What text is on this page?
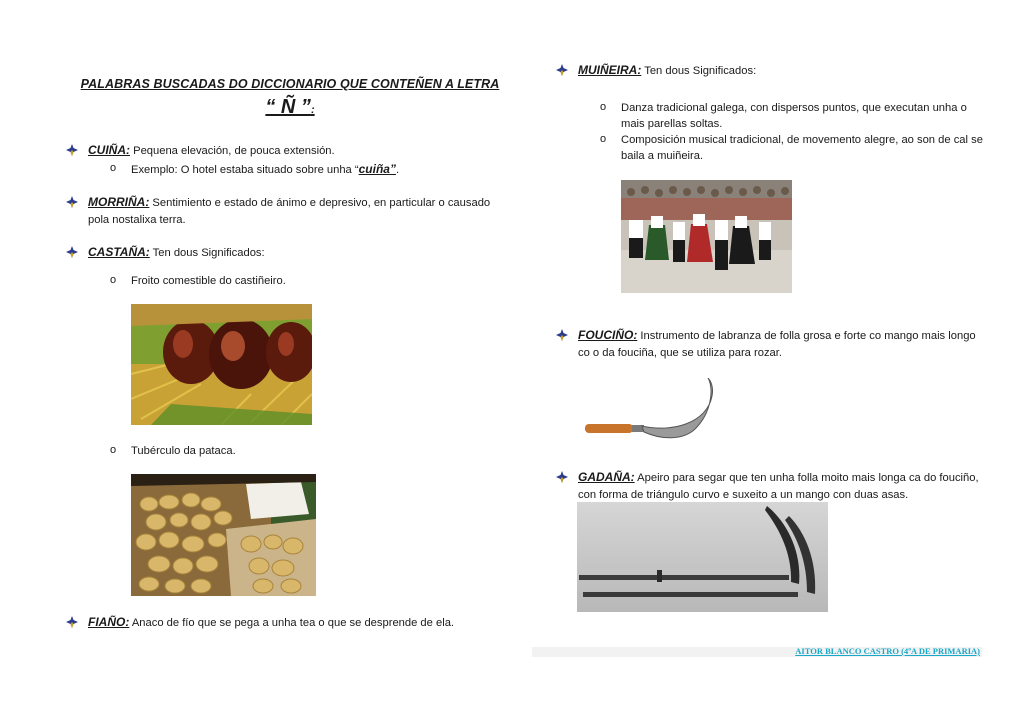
PALABRAS BUSCADAS DO DICCIONARIO QUE CONTEÑEN A LETRA
“ Ñ ”:
CUIÑA: Pequena elevación, de pouca extensión.
o Exemplo: O hotel estaba situado sobre unha “cuiña”.
MORRIÑA: Sentimiento e estado de ánimo e depresivo, en particular o causado
pola nostalixa terra.
CASTAÑA: Ten dous Significados:
o Froito comestible do castiñeiro.
o Tubérculo da pataca.
FIAÑO: Anaco de fío que se pega a unha tea o que se desprende de ela.
MUIÑEIRA: Ten dous Significados:
o Danza tradicional galega, con dispersos puntos, que executan unha o
mais parellas soltas.
o Composición musical tradicional, de movemento alegre, ao son de cal se
baila a muiñeira.
FOUCIÑO: Instrumento de labranza de folla grosa e forte co mango mais longo
co o da fouciña, que se utiliza para rozar.
GADAÑA: Apeiro para segar que ten unha folla moito mais longa ca do fouciño,
con forma de triángulo curvo e suxeito a un mango con duas asas.
AITOR BLANCO CASTRO (4ºA DE PRIMARIA)
